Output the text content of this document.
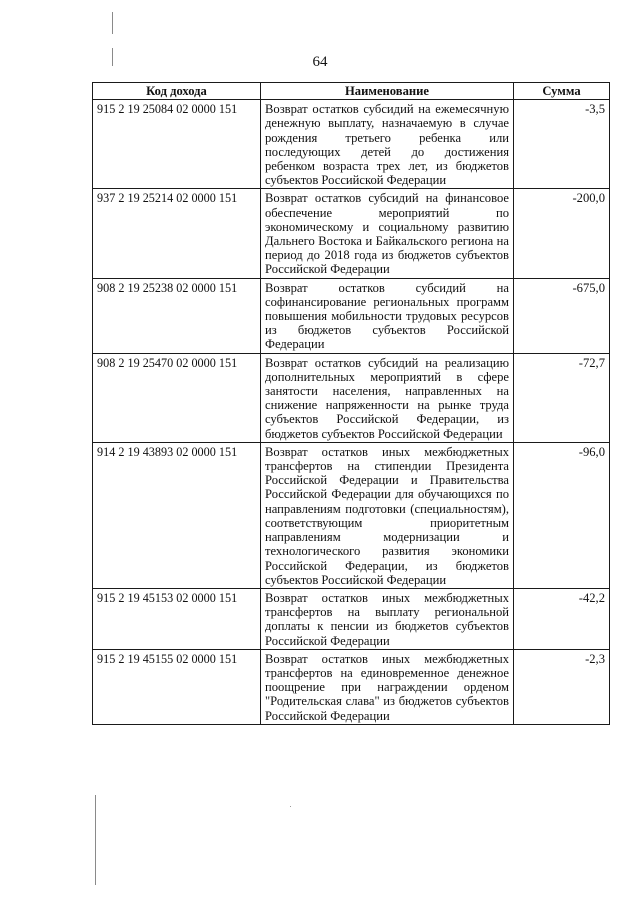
64
Код дохода	Наименование	Сумма
915 2 19 25084 02 0000 151	Возврат остатков субсидий на ежемесячную денежную выплату, назначаемую в случае рождения третьего ребенка или последующих детей до достижения ребенком возраста трех лет, из бюджетов субъектов Российской Федерации	-3,5
937 2 19 25214 02 0000 151	Возврат остатков субсидий на финансовое обеспечение мероприятий по экономическому и социальному развитию Дальнего Востока и Байкальского региона на период до 2018 года из бюджетов субъектов Российской Федерации	-200,0
908 2 19 25238 02 0000 151	Возврат остатков субсидий на софинансирование региональных программ повышения мобильности трудовых ресурсов из бюджетов субъектов Российской Федерации	-675,0
908 2 19 25470 02 0000 151	Возврат остатков субсидий на реализацию дополнительных мероприятий в сфере занятости населения, направленных на снижение напряженности на рынке труда субъектов Российской Федерации, из бюджетов субъектов Российской Федерации	-72,7
914 2 19 43893 02 0000 151	Возврат остатков иных межбюджетных трансфертов на стипендии Президента Российской Федерации и Правительства Российской Федерации для обучающихся по направлениям подготовки (специальностям), соответствующим приоритетным направлениям модернизации и технологического развития экономики Российской Федерации, из бюджетов субъектов Российской Федерации	-96,0
915 2 19 45153 02 0000 151	Возврат остатков иных межбюджетных трансфертов на выплату региональной доплаты к пенсии из бюджетов субъектов Российской Федерации	-42,2
915 2 19 45155 02 0000 151	Возврат остатков иных межбюджетных трансфертов на единовременное денежное поощрение при награждении орденом "Родительская слава" из бюджетов субъектов Российской Федерации	-2,3
